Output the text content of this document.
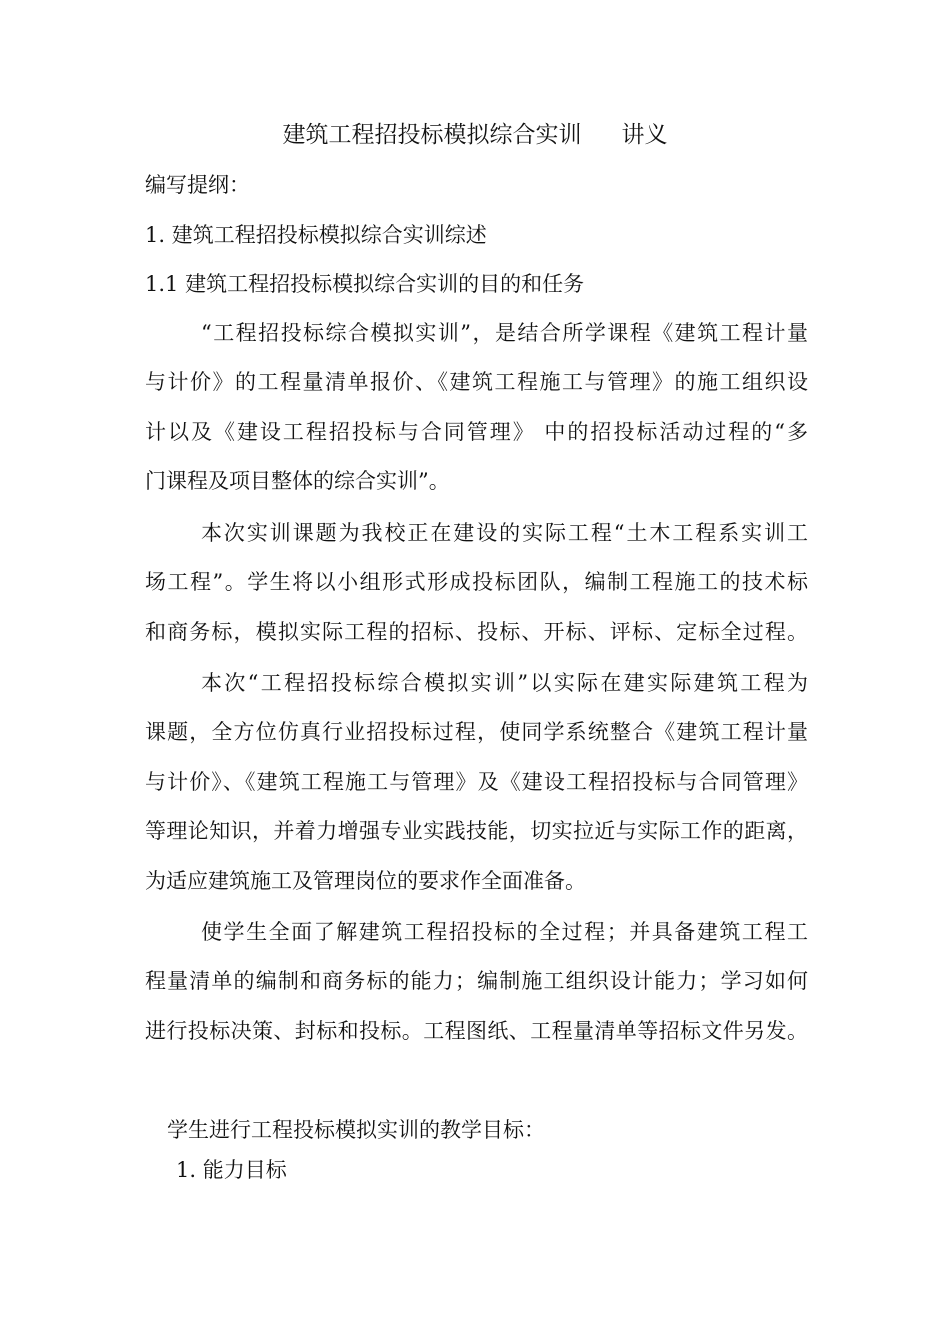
建筑工程招投标模拟综合实训 讲义
编写提纲：
1. 建筑工程招投标模拟综合实训综述
1.1 建筑工程招投标模拟综合实训的目的和任务
“工程招投标综合模拟实训”，是结合所学课程《建筑工程计量
与计价》的工程量清单报价、《建筑工程施工与管理》的施工组织设
计以及《建设工程招投标与合同管理》 中的招投标活动过程的“多
门课程及项目整体的综合实训”。
本次实训课题为我校正在建设的实际工程“土木工程系实训工
场工程”。学生将以小组形式形成投标团队，编制工程施工的技术标
和商务标，模拟实际工程的招标、投标、开标、评标、定标全过程。
本次“工程招投标综合模拟实训”以实际在建实际建筑工程为
课题，全方位仿真行业招投标过程，使同学系统整合《建筑工程计量
与计价》、《建筑工程施工与管理》及《建设工程招投标与合同管理》
等理论知识，并着力增强专业实践技能，切实拉近与实际工作的距离，
为适应建筑施工及管理岗位的要求作全面准备。
使学生全面了解建筑工程招投标的全过程；并具备建筑工程工
程量清单的编制和商务标的能力；编制施工组织设计能力；学习如何
进行投标决策、封标和投标。工程图纸、工程量清单等招标文件另发。
学生进行工程投标模拟实训的教学目标：
1. 能力目标
